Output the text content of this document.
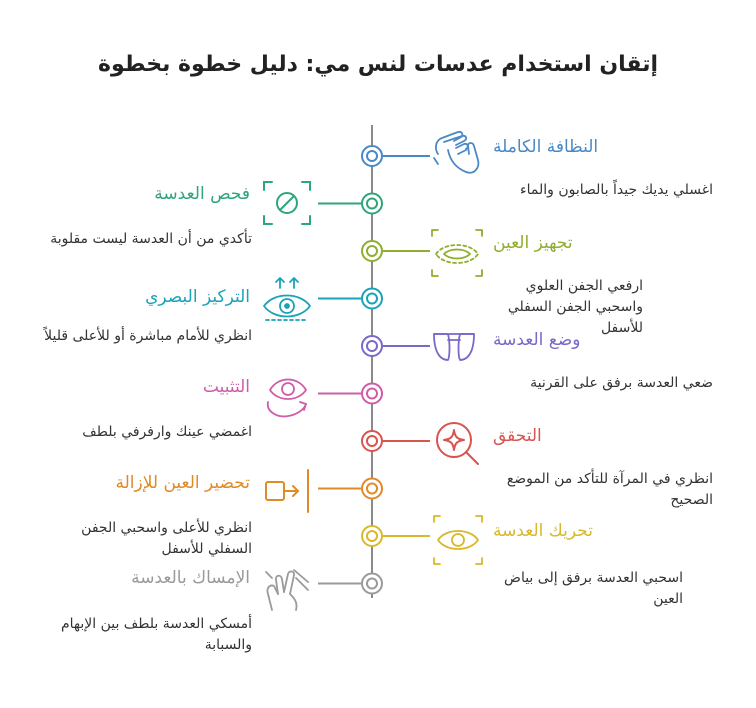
إتقان استخدام عدسات لنس مي: دليل خطوة بخطوة
النظافة الكاملة
اغسلي يديك جيداً بالصابون والماء
فحص العدسة
تأكدي من أن العدسة ليست مقلوبة	تجهيز العين
ارفعي الجفن العلوي واسحبي الجفن السفلي للأسفل
التركيز البصري
انظري للأمام مباشرة أو للأعلى قليلاً	وضع العدسة
ضعي العدسة برفق على القرنية
التثبيت
اغمضي عينك وارفرفي بلطف	التحقق
انظري في المرآة للتأكد من الموضع الصحيح
تحضير العين للإزالة
انظري للأعلى واسحبي الجفن السفلي للأسفل
تحريك العدسة
اسحبي العدسة برفق إلى بياض العين
الإمساك بالعدسة
أمسكي العدسة بلطف بين الإبهام والسبابة
